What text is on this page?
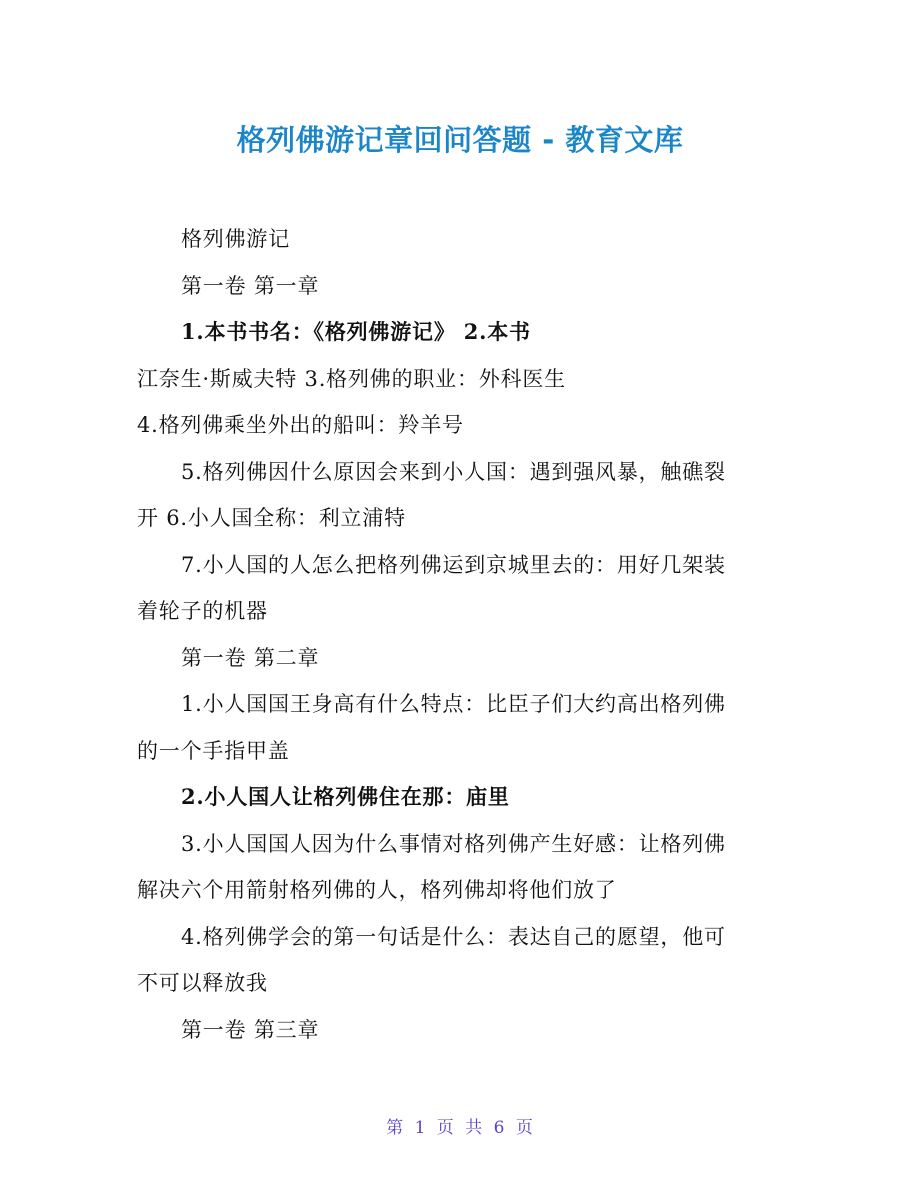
格列佛游记章回问答题 - 教育文库

格列佛游记

第一卷 第一章

1.本书书名：《格列佛游记》 2.本书

江奈生·斯威夫特 3.格列佛的职业：外科医生

4.格列佛乘坐外出的船叫：羚羊号

5.格列佛因什么原因会来到小人国：遇到强风暴，触礁裂

开 6.小人国全称：利立浦特

7.小人国的人怎么把格列佛运到京城里去的：用好几架装

着轮子的机器

第一卷 第二章

1.小人国国王身高有什么特点：比臣子们大约高出格列佛

的一个手指甲盖

2.小人国人让格列佛住在那：庙里

3.小人国国人因为什么事情对格列佛产生好感：让格列佛

解决六个用箭射格列佛的人，格列佛却将他们放了

4.格列佛学会的第一句话是什么：表达自己的愿望，他可

不可以释放我

第一卷 第三章

第 1 页 共 6 页
